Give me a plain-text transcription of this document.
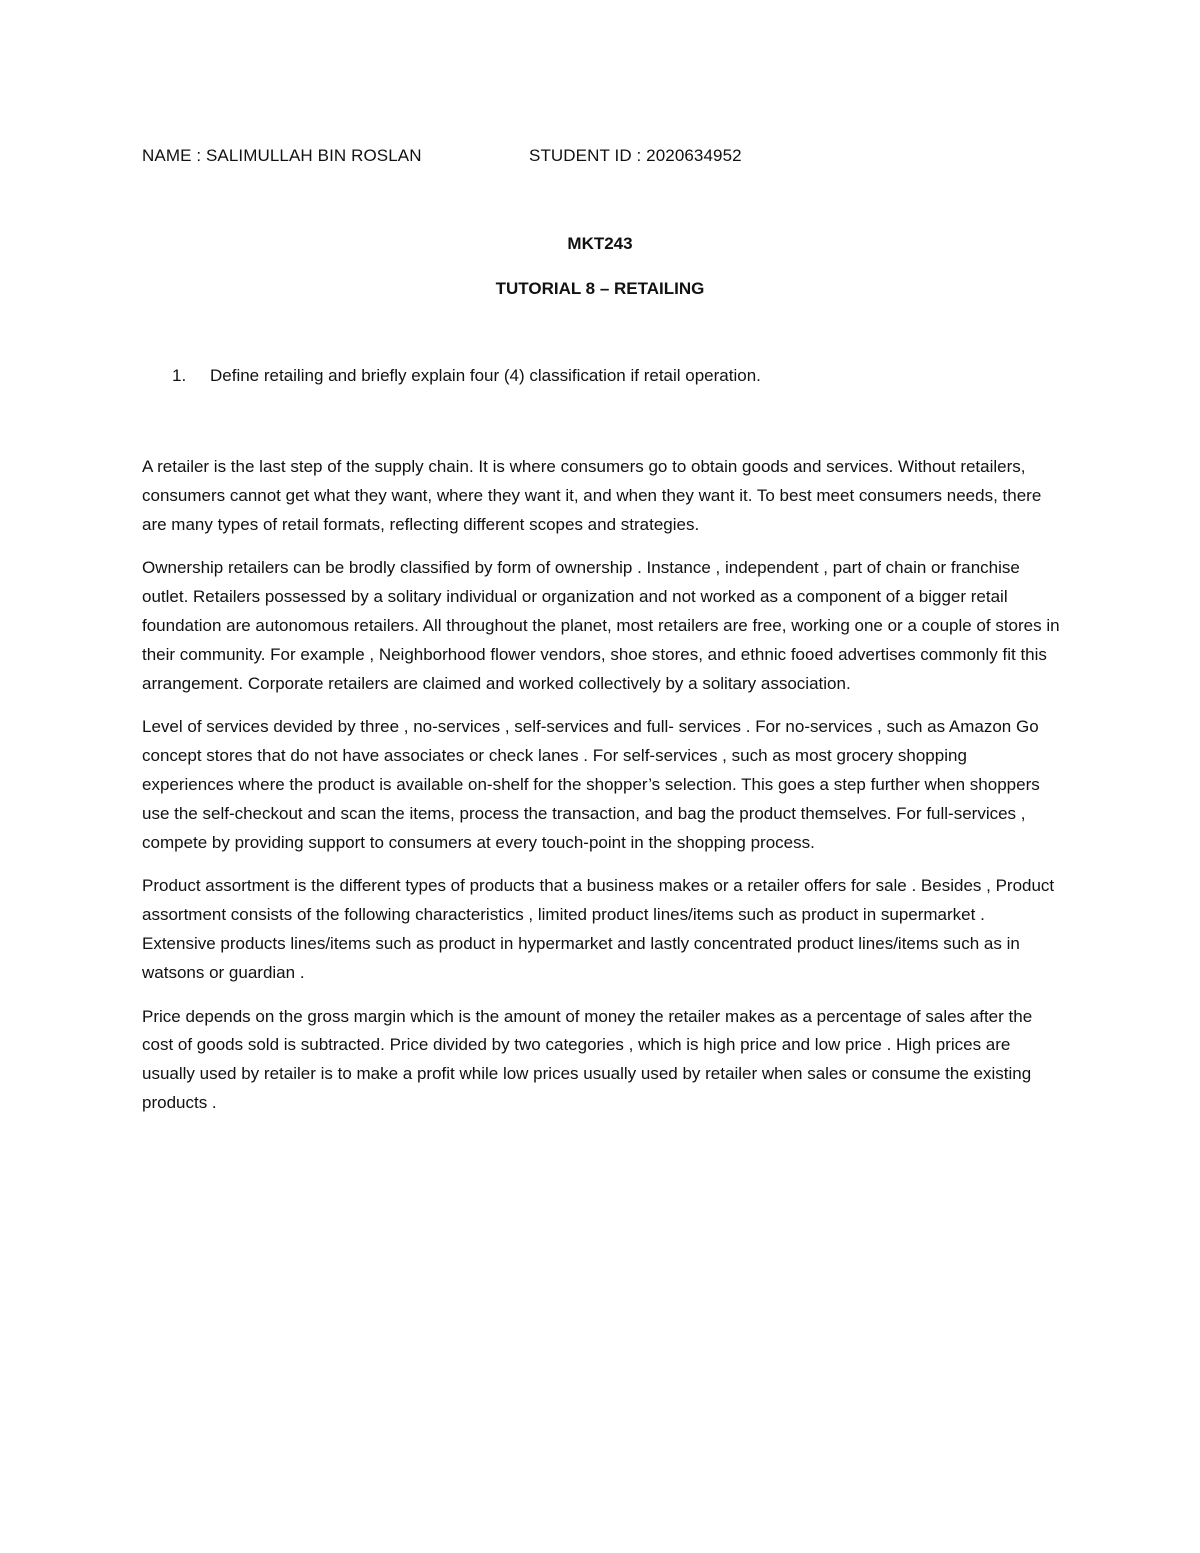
NAME : SALIMULLAH BIN ROSLAN	STUDENT ID : 2020634952
MKT243
TUTORIAL 8 – RETAILING
1. Define retailing and briefly explain four (4) classification if retail operation.

A retailer is the last step of the supply chain. It is where consumers go to obtain goods and services. Without retailers, consumers cannot get what they want, where they want it, and when they want it. To best meet consumers needs, there are many types of retail formats, reflecting different scopes and strategies.

Ownership retailers can be brodly classified by form of ownership . Instance , independent , part of chain or franchise outlet. Retailers possessed by a solitary individual or organization and not worked as a component of a bigger retail foundation are autonomous retailers. All throughout the planet, most retailers are free, working one or a couple of stores in their community. For example , Neighborhood flower vendors, shoe stores, and ethnic fooed advertises commonly fit this arrangement. Corporate retailers are claimed and worked collectively by a solitary association.

Level of services devided by three , no-services , self-services and full- services . For no-services , such as Amazon Go concept stores that do not have associates or check lanes . For self-services , such as most grocery shopping experiences where the product is available on-shelf for the shopper’s selection. This goes a step further when shoppers use the self-checkout and scan the items, process the transaction, and bag the product themselves. For full-services , compete by providing support to consumers at every touch-point in the shopping process.

Product assortment is the different types of products that a business makes or a retailer offers for sale . Besides , Product assortment consists of the following characteristics , limited product lines/items such as product in supermarket . Extensive products lines/items such as product in hypermarket and lastly concentrated product lines/items such as in watsons or guardian .

Price depends on the gross margin which is the amount of money the retailer makes as a percentage of sales after the cost of goods sold is subtracted. Price divided by two categories , which is high price and low price . High prices are usually used by retailer is to make a profit while low prices usually used by retailer when sales or consume the existing products .
